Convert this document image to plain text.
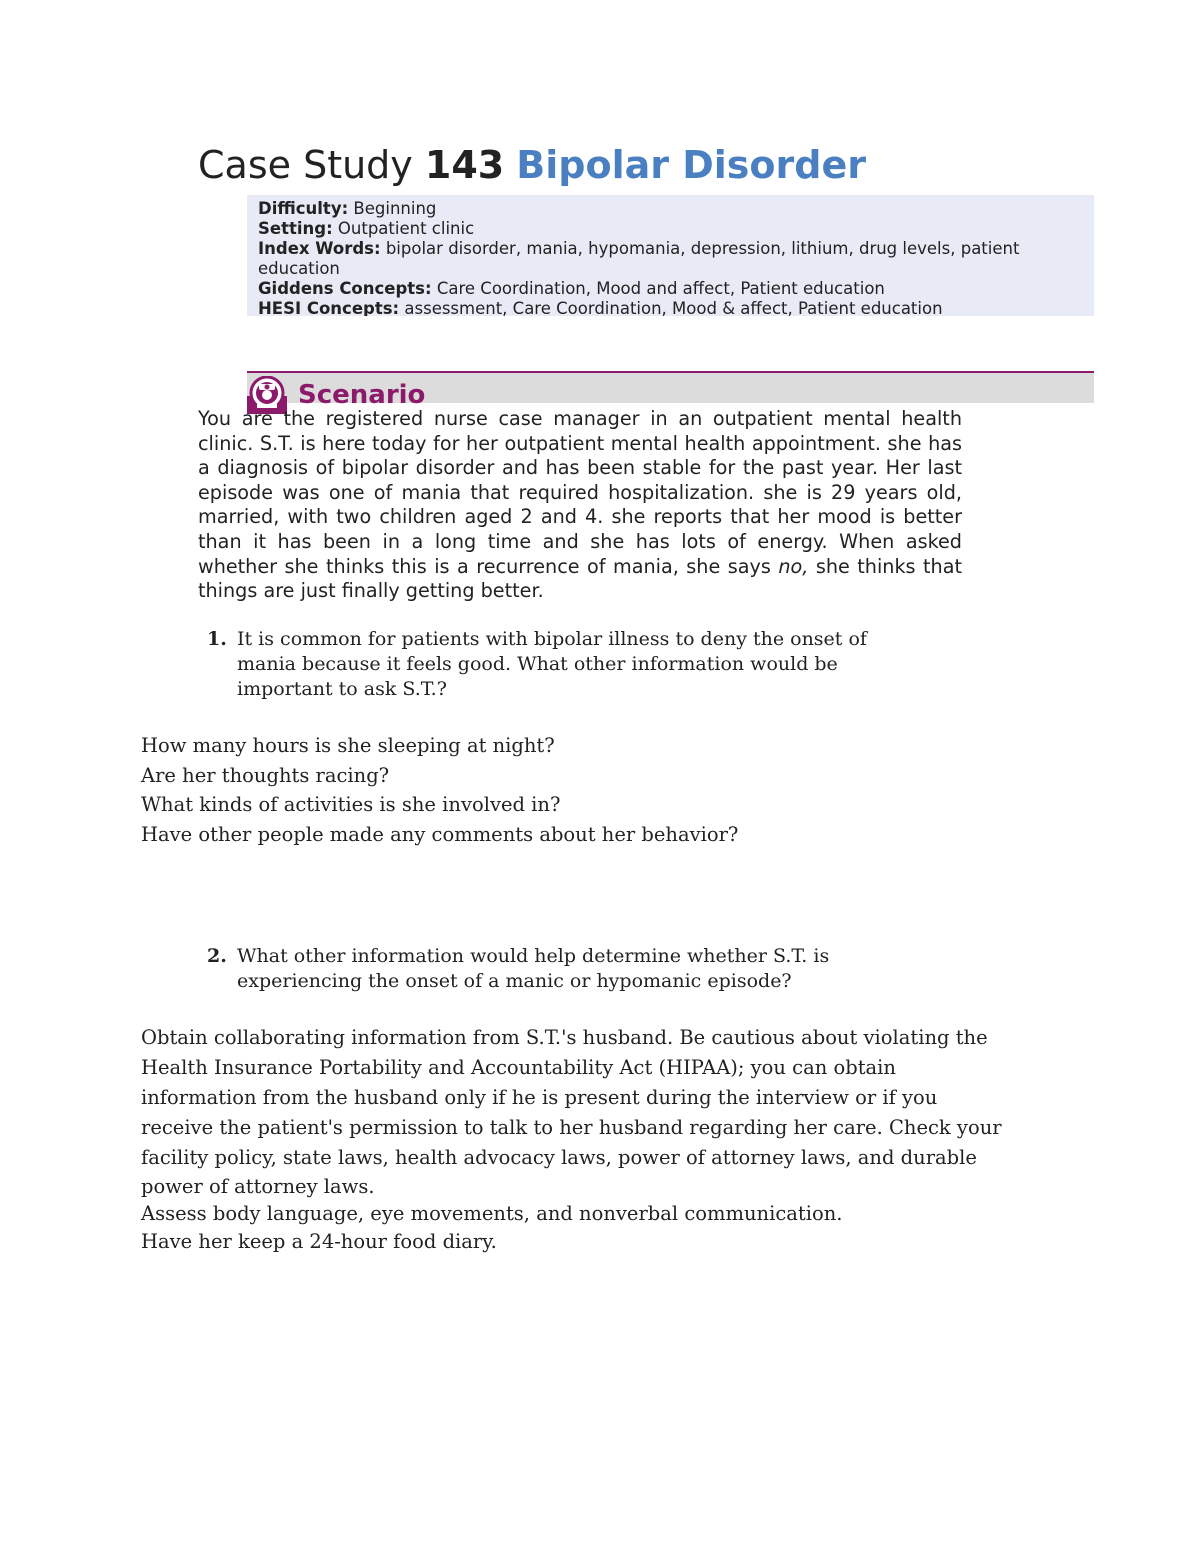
Case Study 143 Bipolar Disorder
Difficulty: Beginning
Setting: Outpatient clinic
Index Words: bipolar disorder, mania, hypomania, depression, lithium, drug levels, patient education
Giddens Concepts: Care Coordination, Mood and affect, Patient education
HESI Concepts: assessment, Care Coordination, Mood & affect, Patient education
Scenario
You are the registered nurse case manager in an outpatient mental health clinic. S.T. is here today for her outpatient mental health appointment. she has a diagnosis of bipolar disorder and has been stable for the past year. Her last episode was one of mania that required hospitalization. she is 29 years old, married, with two children aged 2 and 4. she reports that her mood is better than it has been in a long time and she has lots of energy. When asked whether she thinks this is a recurrence of mania, she says no, she thinks that things are just finally getting better.
1. It is common for patients with bipolar illness to deny the onset of mania because it feels good. What other information would be important to ask S.T.?
How many hours is she sleeping at night?
Are her thoughts racing?
What kinds of activities is she involved in?
Have other people made any comments about her behavior?
2. What other information would help determine whether S.T. is experiencing the onset of a manic or hypomanic episode?
Obtain collaborating information from S.T.'s husband. Be cautious about violating the
Health Insurance Portability and Accountability Act (HIPAA); you can obtain
information from the husband only if he is present during the interview or if you
receive the patient's permission to talk to her husband regarding her care. Check your
facility policy, state laws, health advocacy laws, power of attorney laws, and durable
power of attorney laws.
Assess body language, eye movements, and nonverbal communication.
Have her keep a 24-hour food diary.
